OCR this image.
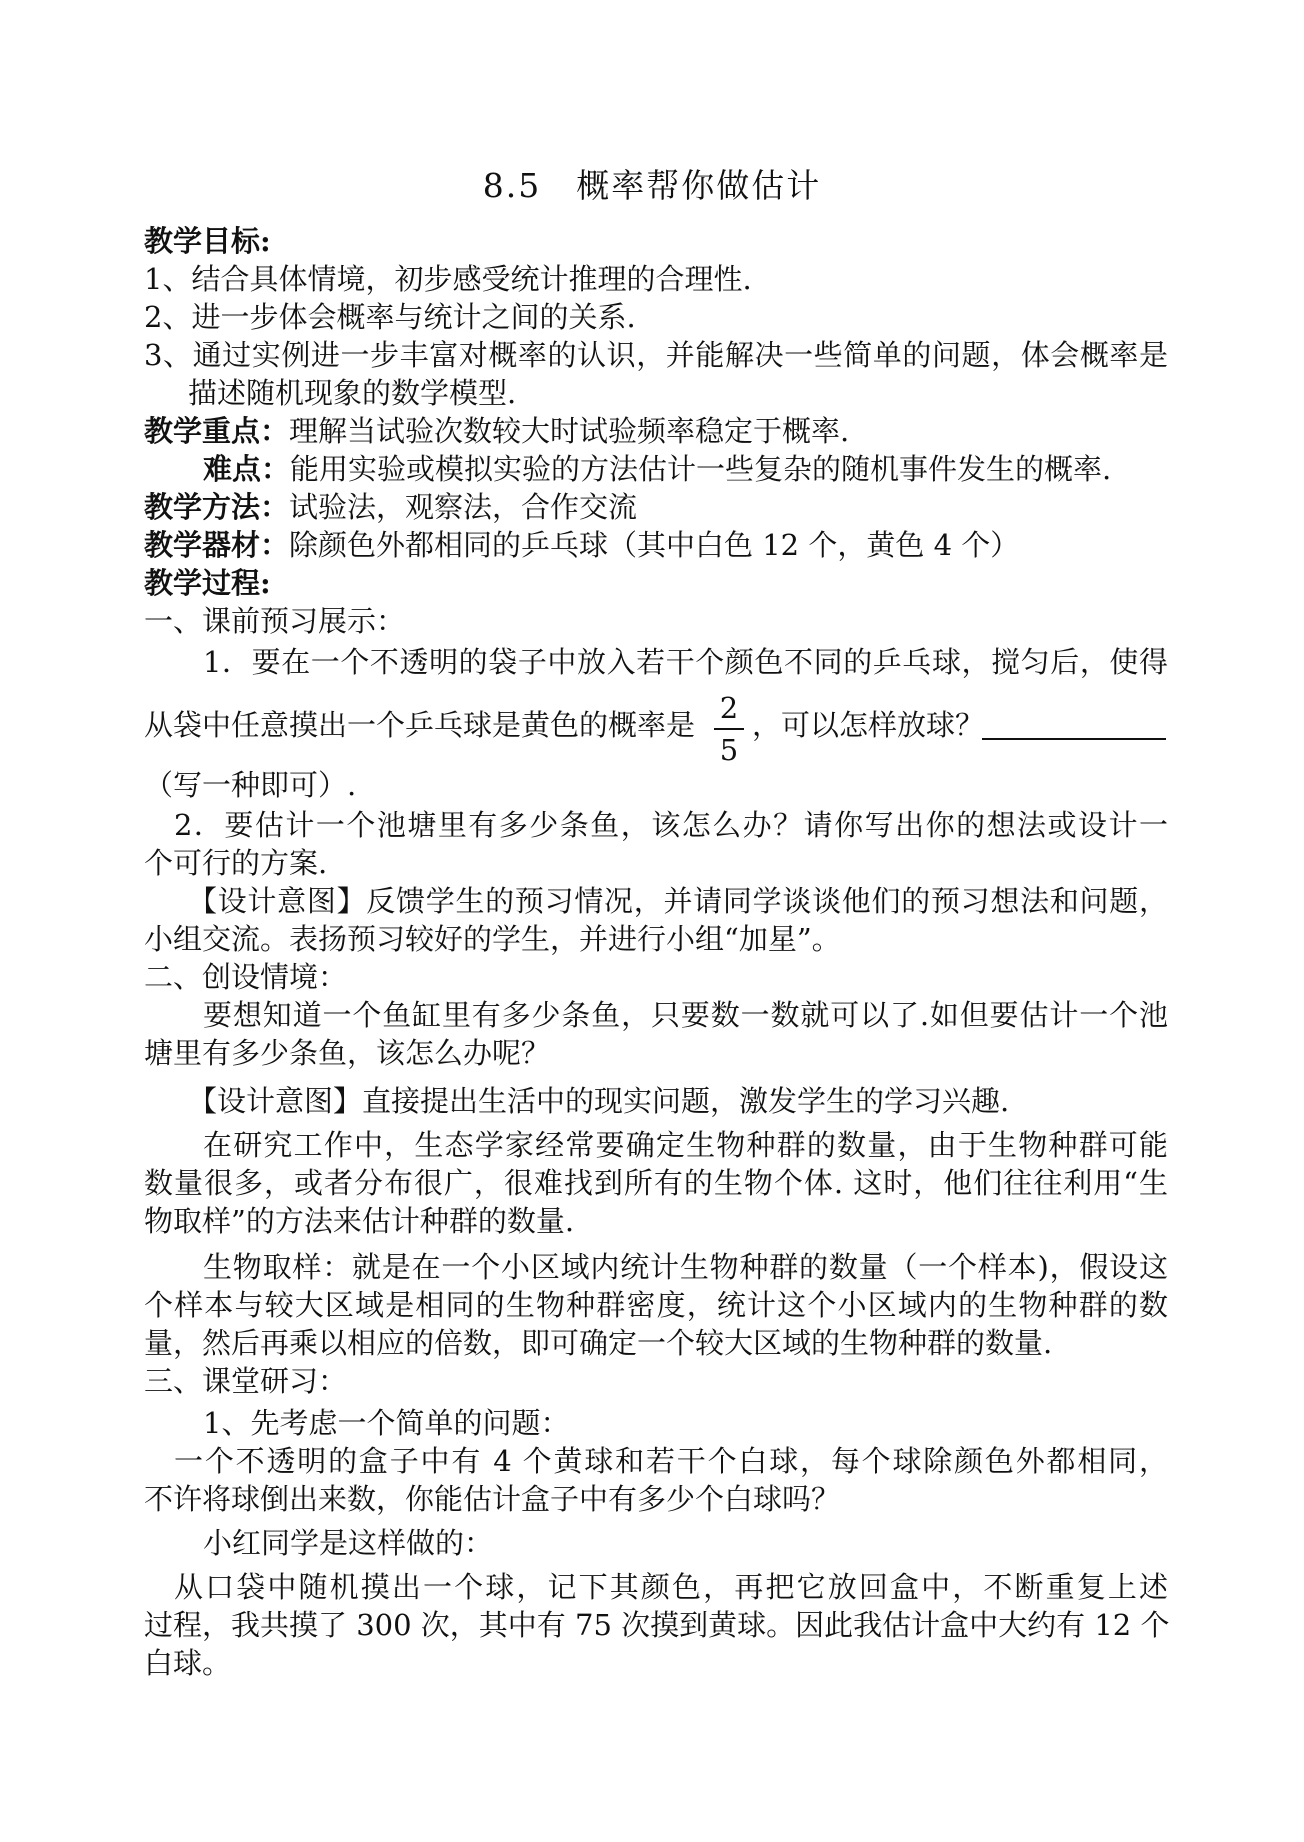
8.5　概率帮你做估计
教学目标:
1、结合具体情境，初步感受统计推理的合理性.
2、进一步体会概率与统计之间的关系.
3、通过实例进一步丰富对概率的认识，并能解决一些简单的问题，体会概率是
描述随机现象的数学模型.
教学重点：理解当试验次数较大时试验频率稳定于概率.
难点：能用实验或模拟实验的方法估计一些复杂的随机事件发生的概率.
教学方法：试验法，观察法，合作交流
教学器材：除颜色外都相同的乒乓球（其中白色 12 个，黄色 4 个）
教学过程:
一、课前预习展示：
1．要在一个不透明的袋子中放入若干个颜色不同的乒乓球，搅匀后，使得
从袋中任意摸出一个乒乓球是黄色的概率是 2
5
，可以怎样放球？
（写一种即可）.
2．要估计一个池塘里有多少条鱼，该怎么办？请你写出你的想法或设计一
个可行的方案.
【设计意图】反馈学生的预习情况，并请同学谈谈他们的预习想法和问题，
小组交流。表扬预习较好的学生，并进行小组“加星”。
二、创设情境：
要想知道一个鱼缸里有多少条鱼，只要数一数就可以了.如但要估计一个池
塘里有多少条鱼，该怎么办呢？
【设计意图】直接提出生活中的现实问题，激发学生的学习兴趣.
在研究工作中，生态学家经常要确定生物种群的数量，由于生物种群可能
数量很多，或者分布很广，很难找到所有的生物个体. 这时，他们往往利用“生
物取样”的方法来估计种群的数量.
生物取样：就是在一个小区域内统计生物种群的数量（一个样本)，假设这
个样本与较大区域是相同的生物种群密度，统计这个小区域内的生物种群的数
量，然后再乘以相应的倍数，即可确定一个较大区域的生物种群的数量.
三、课堂研习：
1、先考虑一个简单的问题：
一个不透明的盒子中有 4 个黄球和若干个白球，每个球除颜色外都相同，
不许将球倒出来数，你能估计盒子中有多少个白球吗？
小红同学是这样做的：
从口袋中随机摸出一个球，记下其颜色，再把它放回盒中，不断重复上述
过程，我共摸了 300 次，其中有 75 次摸到黄球。因此我估计盒中大约有 12 个
白球。
